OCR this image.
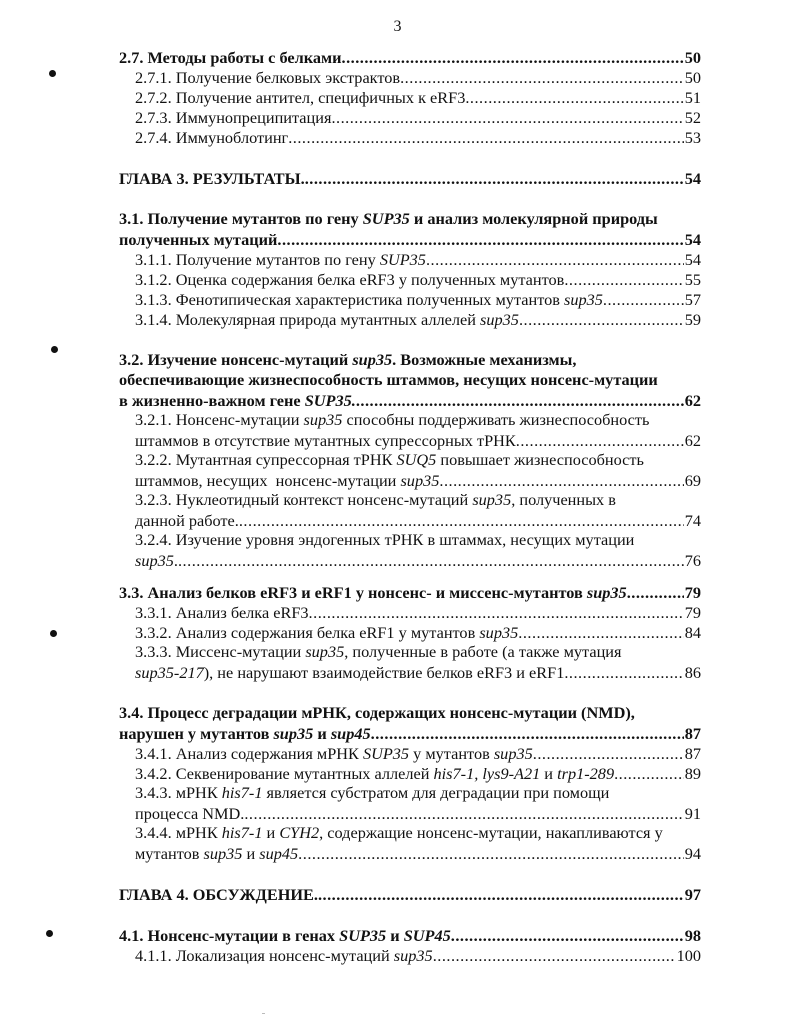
3
2.7. Методы работы с белками .....	50
2.7.1. Получение белковых экстрактов .....	50
2.7.2. Получение антител, специфичных к eRF3 .....	51
2.7.3. Иммунопреципитация .....	52
2.7.4. Иммуноблотинг .....	53
ГЛАВА 3. РЕЗУЛЬТАТЫ. .....	54
3.1. Получение мутантов по гену SUP35 и анализ молекулярной природы
полученных мутаций .....	54
3.1.1. Получение мутантов по гену SUP35 .....	54
3.1.2. Оценка содержания белка eRF3 у полученных мутантов .....	55
3.1.3. Фенотипическая характеристика полученных мутантов sup35 .....	57
3.1.4. Молекулярная природа мутантных аллелей sup35 .....	59
3.2. Изучение нонсенс-мутаций sup35. Возможные механизмы,
обеспечивающие жизнеспособность штаммов, несущих нонсенс-мутации
в жизненно-важном гене SUP35. .....	62
3.2.1. Нонсенс-мутации sup35 способны поддерживать жизнеспособность
штаммов в отсутствие мутантных супрессорных тРНК .....	62
3.2.2. Мутантная супрессорная тРНК SUQ5 повышает жизнеспособность
штаммов, несущих  нонсенс-мутации sup35 .....	69
3.2.3. Нуклеотидный контекст нонсенс-мутаций sup35, полученных в
данной работе. .....	74
3.2.4. Изучение уровня эндогенных тРНК в штаммах, несущих мутации
sup35. .....	76
3.3. Анализ белков eRF3 и eRF1 у нонсенс- и миссенс-мутантов sup35 .....	79
3.3.1. Анализ белка eRF3 .....	79
3.3.2. Анализ содержания белка eRF1 у мутантов sup35 .....	84
3.3.3. Миссенс-мутации sup35, полученные в работе (а также мутация
sup35-217), не нарушают взаимодействие белков eRF3 и eRF1 .....	86
3.4. Процесс деградации мРНК, содержащих нонсенс-мутации (NMD),
нарушен у мутантов sup35 и sup45 .....	87
3.4.1. Анализ содержания мРНК SUP35 у мутантов sup35 .....	87
3.4.2. Секвенирование мутантных аллелей his7-1, lys9-A21 и trp1-289 .....	89
3.4.3. мРНК his7-1 является субстратом для деградации при помощи
процесса NMD. .....	91
3.4.4. мРНК his7-1 и CYH2, содержащие нонсенс-мутации, накапливаются у
мутантов sup35 и sup45 .....	94
ГЛАВА 4. ОБСУЖДЕНИЕ. .....	97
4.1. Нонсенс-мутации в генах SUP35 и SUP45 .....	98
4.1.1. Локализация нонсенс-мутаций sup35 .....	100
